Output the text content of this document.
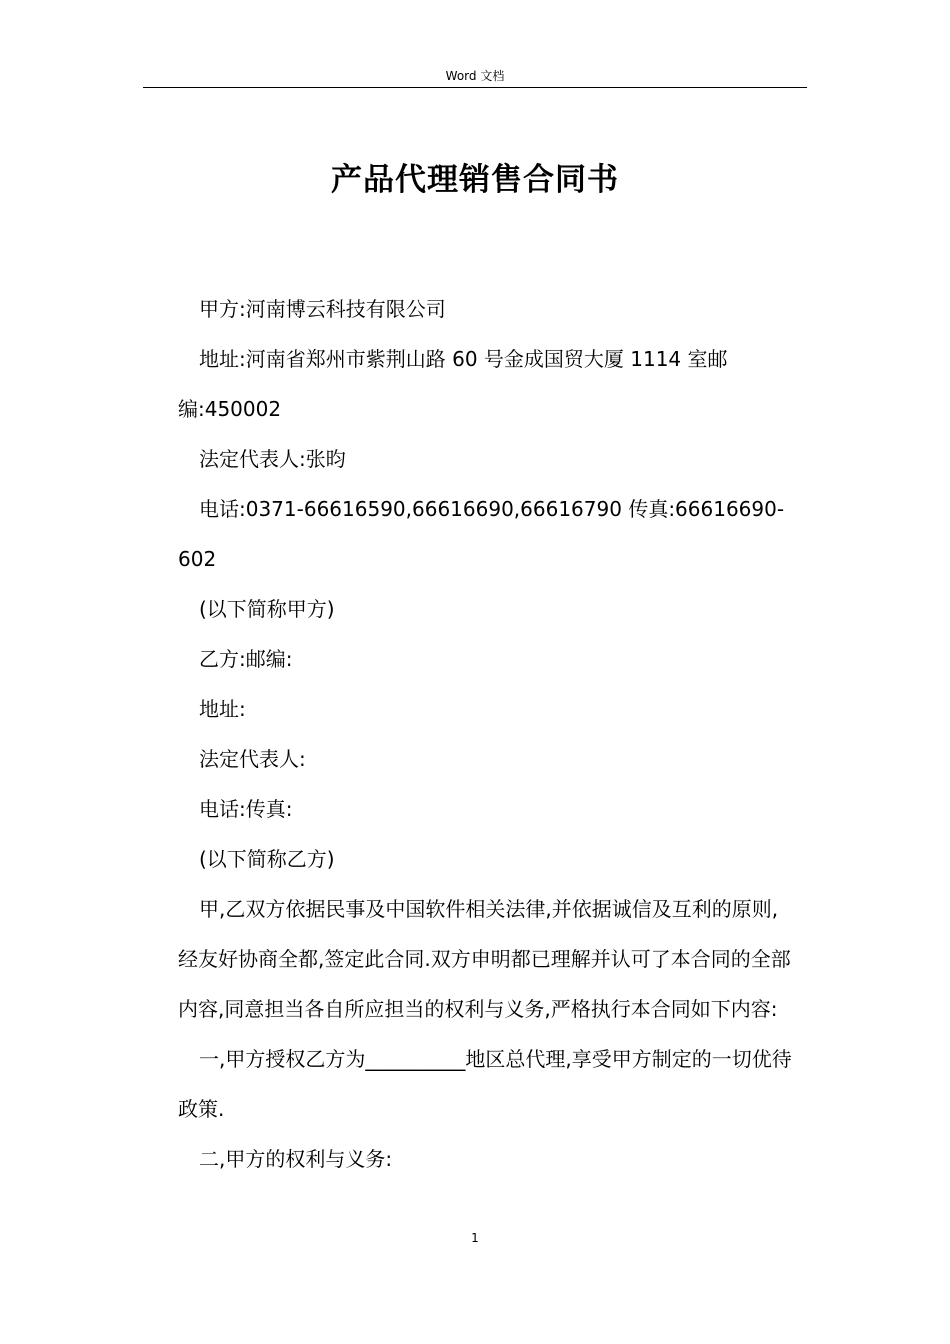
Word 文档
产品代理销售合同书

甲方:河南博云科技有限公司

地址:河南省郑州市紫荆山路 60 号金成国贸大厦 1114 室邮编:450002

法定代表人:张昀

电话:0371-66616590,66616690,66616790 传真:66616690-602

(以下简称甲方)

乙方:邮编:

地址:

法定代表人:

电话:传真:

(以下简称乙方)

甲,乙双方依据民事及中国软件相关法律,并依据诚信及互利的原则,经友好协商全都,签定此合同.双方申明都已理解并认可了本合同的全部内容,同意担当各自所应担当的权利与义务,严格执行本合同如下内容:

一,甲方授权乙方为__________地区总代理,享受甲方制定的一切优待政策.

二,甲方的权利与义务:

1
